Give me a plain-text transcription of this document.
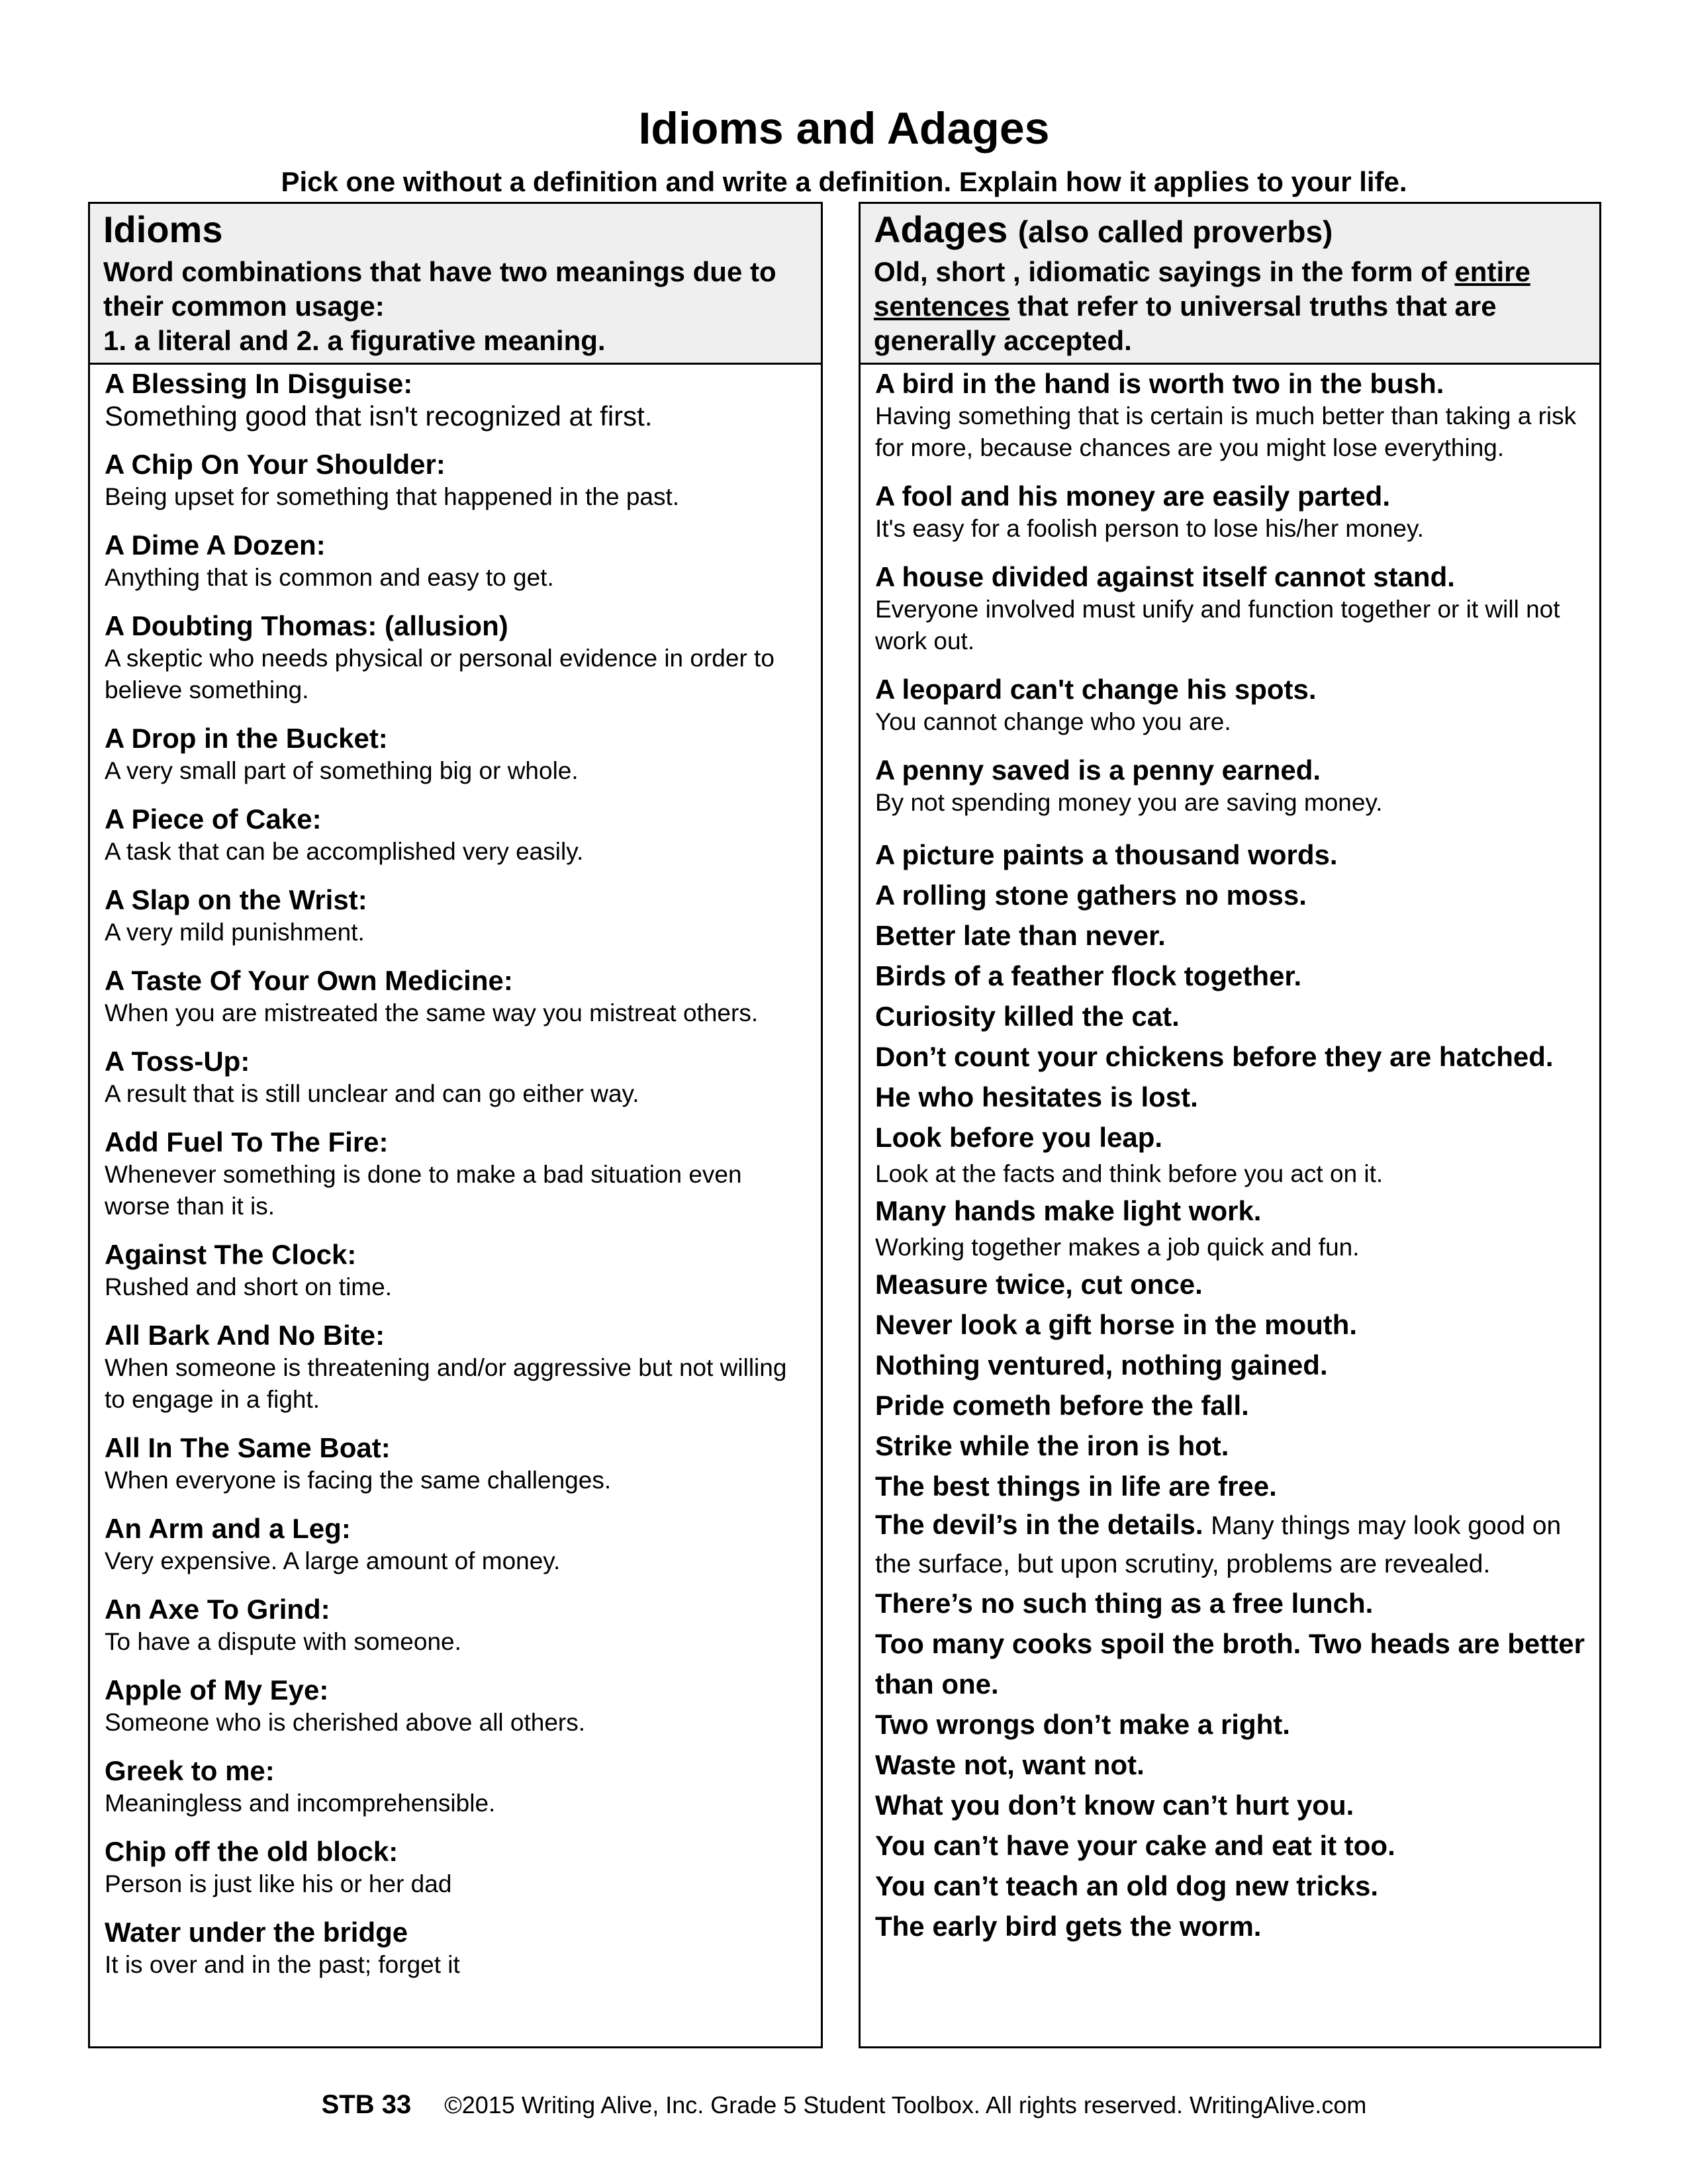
Idioms and Adages
Pick one without a definition and write a definition. Explain how it applies to your life.
Idioms
Word combinations that have two meanings due to their common usage:
1. a literal and 2. a figurative meaning.
A Blessing In Disguise:
Something good that isn't recognized at first.
A Chip On Your Shoulder:
Being upset for something that happened in the past.
A Dime A Dozen:
Anything that is common and easy to get.
A Doubting Thomas: (allusion)
A skeptic who needs physical or personal evidence in order to believe something.
A Drop in the Bucket:
A very small part of something big or whole.
A Piece of Cake:
A task that can be accomplished very easily.
A Slap on the Wrist:
A very mild punishment.
A Taste Of Your Own Medicine:
When you are mistreated the same way you mistreat others.
A Toss-Up:
A result that is still unclear and can go either way.
Add Fuel To The Fire:
Whenever something is done to make a bad situation even worse than it is.
Against The Clock:
Rushed and short on time.
All Bark And No Bite:
When someone is threatening and/or aggressive but not willing to engage in a fight.
All In The Same Boat:
When everyone is facing the same challenges.
An Arm and a Leg:
Very expensive. A large amount of money.
An Axe To Grind:
To have a dispute with someone.
Apple of My Eye:
Someone who is cherished above all others.
Greek to me:
Meaningless and incomprehensible.
Chip off the old block:
Person is just like his or her dad
Water under the bridge
It is over and in the past; forget it
Adages (also called proverbs)
Old, short , idiomatic sayings in the form of entire sentences that refer to universal truths that are generally accepted.
A bird in the hand is worth two in the bush.
Having something that is certain is much better than taking a risk for more, because chances are you might lose everything.
A fool and his money are easily parted.
It's easy for a foolish person to lose his/her money.
A house divided against itself cannot stand.
Everyone involved must unify and function together or it will not work out.
A leopard can't change his spots.
You cannot change who you are.
A penny saved is a penny earned.
By not spending money you are saving money.
A picture paints a thousand words.
A rolling stone gathers no moss.
Better late than never.
Birds of a feather flock together.
Curiosity killed the cat.
Don’t count your chickens before they are hatched.
He who hesitates is lost.
Look before you leap.
Look at the facts and think before you act on it.
Many hands make light work.
Working together makes a job quick and fun.
Measure twice, cut once.
Never look a gift horse in the mouth.
Nothing ventured, nothing gained.
Pride cometh before the fall.
Strike while the iron is hot.
The best things in life are free.
The devil’s in the details. Many things may look good on the surface, but upon scrutiny, problems are revealed.
There’s no such thing as a free lunch.
Too many cooks spoil the broth. Two heads are better than one.
Two wrongs don’t make a right.
Waste not, want not.
What you don’t know can’t hurt you.
You can’t have your cake and eat it too.
You can’t teach an old dog new tricks.
The early bird gets the worm.
STB 33 ©2015 Writing Alive, Inc. Grade 5 Student Toolbox. All rights reserved. WritingAlive.com
